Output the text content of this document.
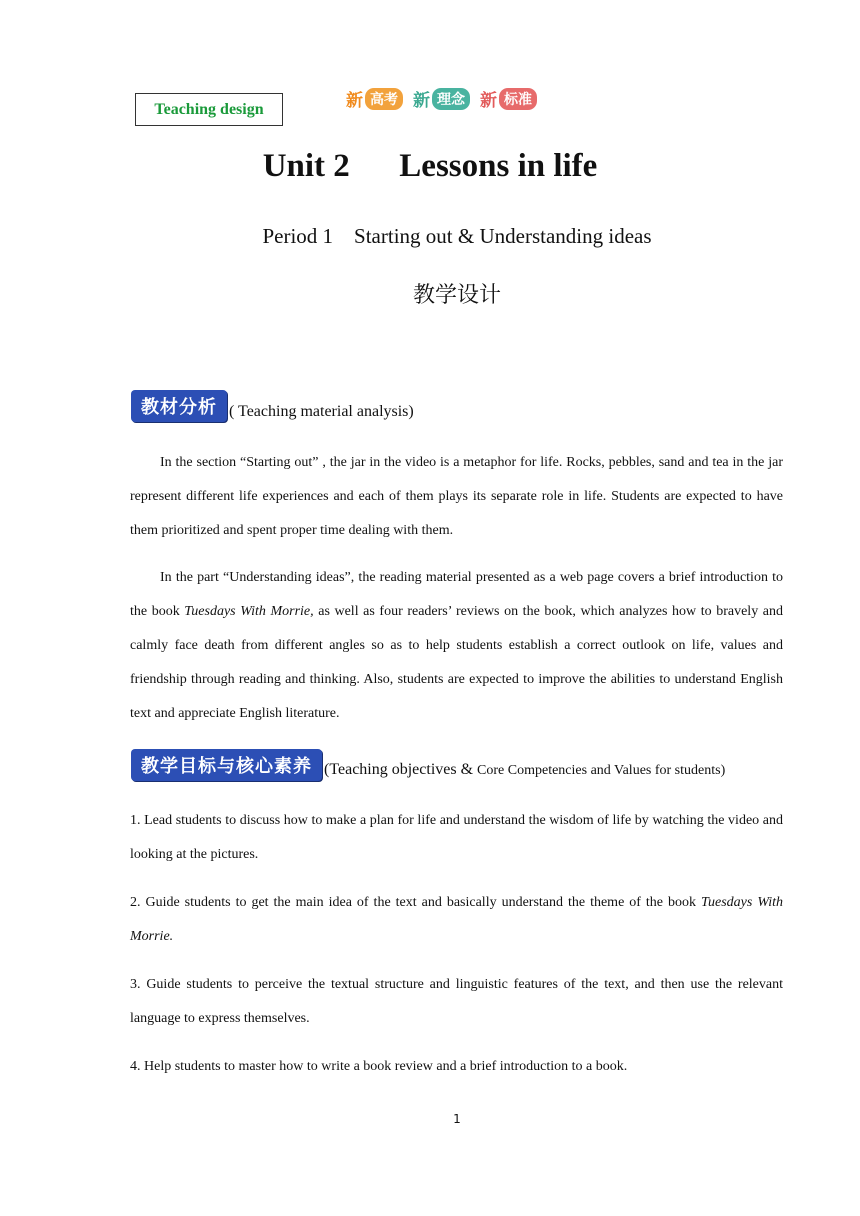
Teaching design	新 高考 新 理念 新 标准
Unit 2      Lessons in life
Period 1    Starting out & Understanding ideas
教学设计
教材分析 ( Teaching material analysis)

In the section “Starting out” , the jar in the video is a metaphor for life. Rocks, pebbles, sand and tea in the jar represent different life experiences and each of them plays its separate role in life. Students are expected to have them prioritized and spent proper time dealing with them.

In the part “Understanding ideas”, the reading material presented as a web page covers a brief introduction to the book Tuesdays With Morrie, as well as four readers’ reviews on the book, which analyzes how to bravely and calmly face death from different angles so as to help students establish a correct outlook on life, values and friendship through reading and thinking. Also, students are expected to improve the abilities to understand English text and appreciate English literature.

教学目标与核心素养 (Teaching objectives & Core Competencies and Values for students)

1. Lead students to discuss how to make a plan for life and understand the wisdom of life by watching the video and looking at the pictures.

2. Guide students to get the main idea of the text and basically understand the theme of the book Tuesdays With Morrie.

3. Guide students to perceive the textual structure and linguistic features of the text, and then use the relevant language to express themselves.

4. Help students to master how to write a book review and a brief introduction to a book.

1
